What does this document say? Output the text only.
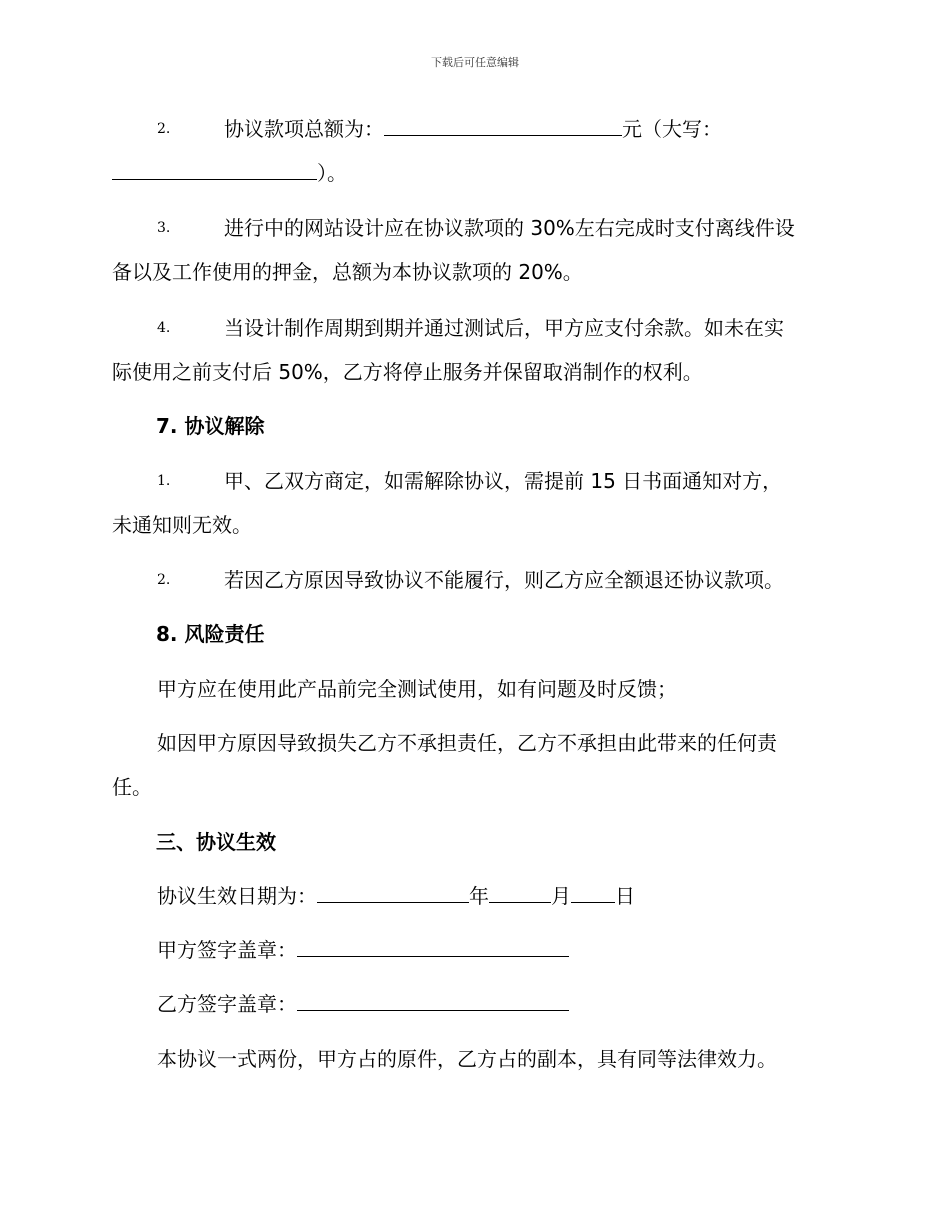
下载后可任意编辑
2.	协议款项总额为：	元（大写：
）。
3.	进行中的网站设计应在协议款项的 30%左右完成时支付离线件设
备以及工作使用的押金，总额为本协议款项的 20%。
4.	当设计制作周期到期并通过测试后，甲方应支付余款。如未在实
际使用之前支付后 50%，乙方将停止服务并保留取消制作的权利。
7. 协议解除
1.	甲、乙双方商定，如需解除协议，需提前 15 日书面通知对方，
未通知则无效。
2.	若因乙方原因导致协议不能履行，则乙方应全额退还协议款项。
8. 风险责任
甲方应在使用此产品前完全测试使用，如有问题及时反馈；
如因甲方原因导致损失乙方不承担责任，乙方不承担由此带来的任何责
任。
三、协议生效
协议生效日期为：	年	月 日
甲方签字盖章：
乙方签字盖章：
本协议一式两份，甲方占的原件，乙方占的副本，具有同等法律效力。
